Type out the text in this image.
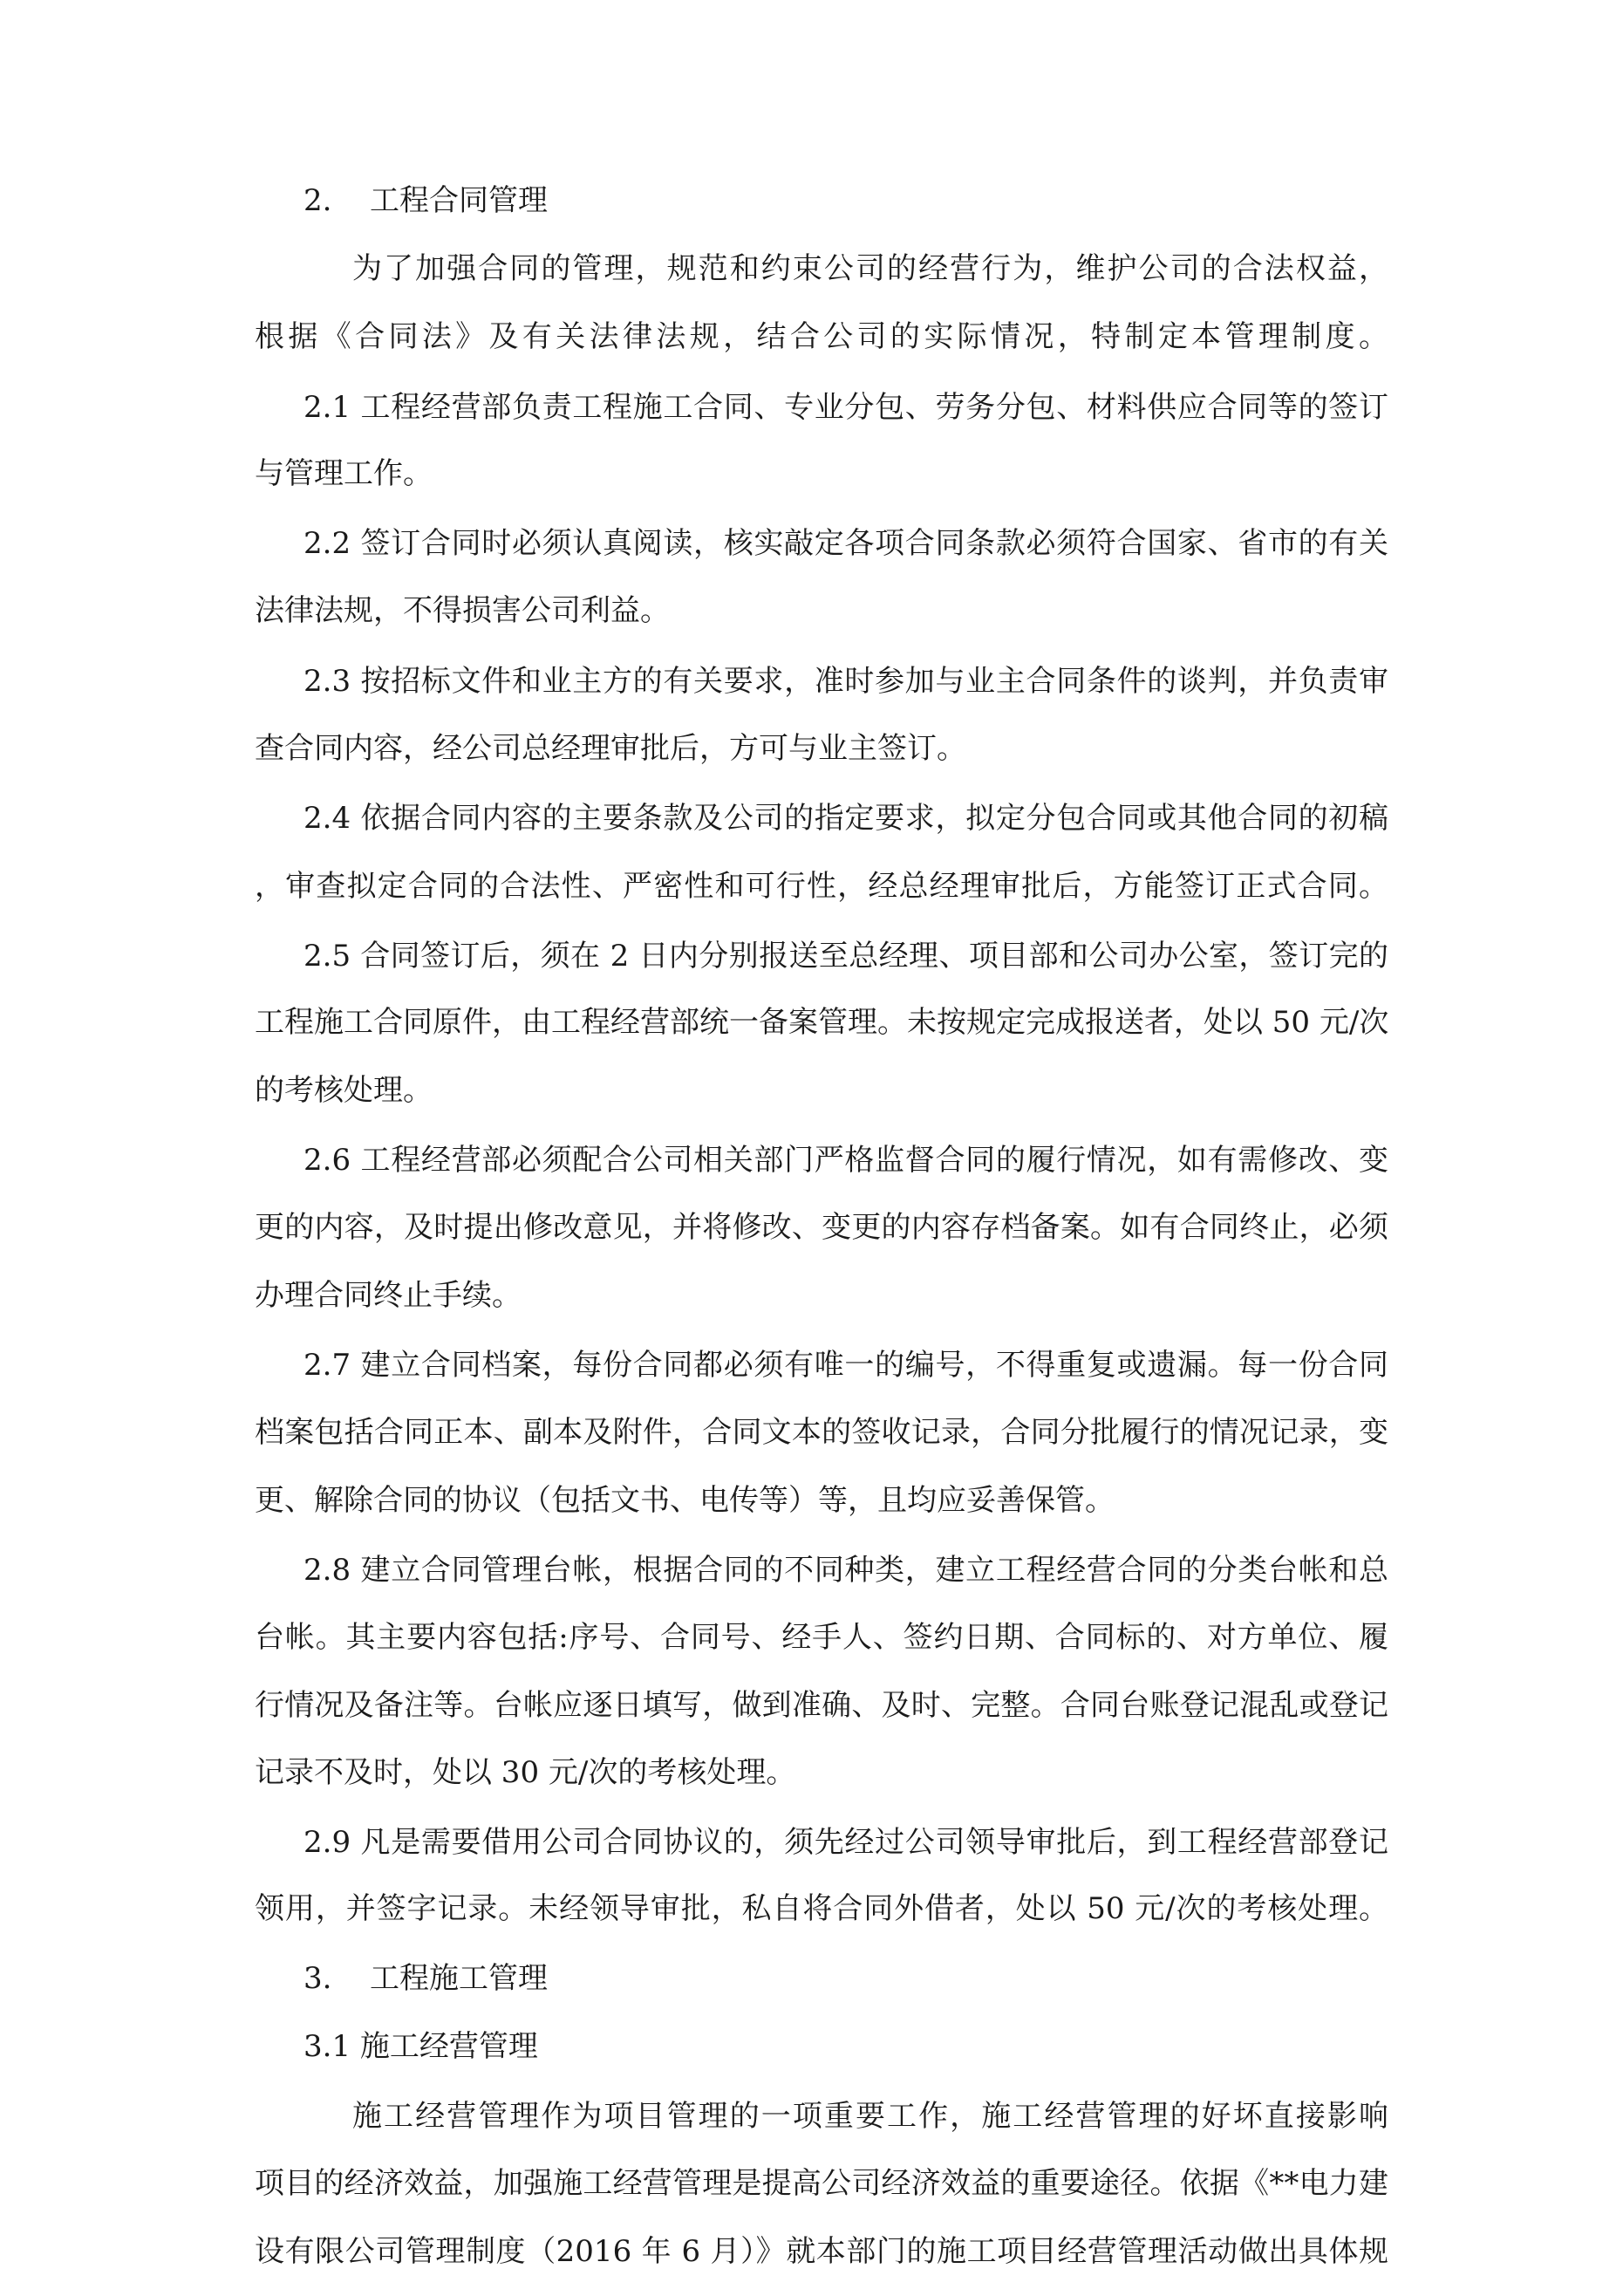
2. 工程合同管理
为了加强合同的管理，规范和约束公司的经营行为，维护公司的合法权益，
根据《合同法》及有关法律法规，结合公司的实际情况，特制定本管理制度。
2.1 工程经营部负责工程施工合同、专业分包、劳务分包、材料供应合同等的签订
与管理工作。
2.2 签订合同时必须认真阅读，核实敲定各项合同条款必须符合国家、省市的有关
法律法规，不得损害公司利益。
2.3 按招标文件和业主方的有关要求，准时参加与业主合同条件的谈判，并负责审
查合同内容，经公司总经理审批后，方可与业主签订。
2.4 依据合同内容的主要条款及公司的指定要求，拟定分包合同或其他合同的初稿
，审查拟定合同的合法性、严密性和可行性，经总经理审批后，方能签订正式合同。
2.5 合同签订后，须在 2 日内分别报送至总经理、项目部和公司办公室，签订完的
工程施工合同原件，由工程经营部统一备案管理。未按规定完成报送者，处以 50 元/次
的考核处理。
2.6 工程经营部必须配合公司相关部门严格监督合同的履行情况，如有需修改、变
更的内容，及时提出修改意见，并将修改、变更的内容存档备案。如有合同终止，必须
办理合同终止手续。
2.7 建立合同档案，每份合同都必须有唯一的编号，不得重复或遗漏。每一份合同
档案包括合同正本、副本及附件，合同文本的签收记录，合同分批履行的情况记录，变
更、解除合同的协议（包括文书、电传等）等，且均应妥善保管。
2.8 建立合同管理台帐，根据合同的不同种类，建立工程经营合同的分类台帐和总
台帐。其主要内容包括:序号、合同号、经手人、签约日期、合同标的、对方单位、履
行情况及备注等。台帐应逐日填写，做到准确、及时、完整。合同台账登记混乱或登记
记录不及时，处以 30 元/次的考核处理。
2.9 凡是需要借用公司合同协议的，须先经过公司领导审批后，到工程经营部登记
领用，并签字记录。未经领导审批，私自将合同外借者，处以 50 元/次的考核处理。
3. 工程施工管理
3.1 施工经营管理
施工经营管理作为项目管理的一项重要工作，施工经营管理的好坏直接影响
项目的经济效益，加强施工经营管理是提高公司经济效益的重要途径。依据《**电力建
设有限公司管理制度（2016 年 6 月）》就本部门的施工项目经营管理活动做出具体规
